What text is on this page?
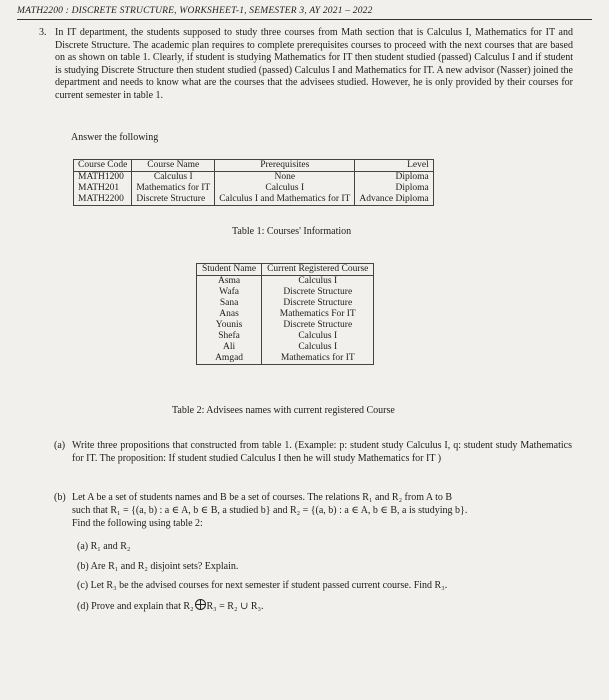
MATH2200 : DISCRETE STRUCTURE, WORKSHEET-1, SEMESTER 3, AY 2021 – 2022
3. In IT department, the students supposed to study three courses from Math section that is Calculus I, Mathematics for IT and Discrete Structure. The academic plan requires to complete prerequisites courses to proceed with the next courses that are based on as shown on table 1. Clearly, if student is studying Mathematics for IT then student studied (passed) Calculus I and if student is studying Discrete Structure then student studied (passed) Calculus I and Mathematics for IT. A new advisor (Nasser) joined the department and needs to know what are the courses that the advisees studied. However, he is only provided by their courses for current semester in table 1.
Answer the following
Course Code	Course Name	Prerequisites	Level
MATH1200	Calculus I	None	Diploma
MATH201	Mathematics for IT	Calculus I	Diploma
MATH2200	Discrete Structure	Calculus I and Mathematics for IT	Advance Diploma
Table 1: Courses' Information
Student Name	Current Registered Course
Asma	Calculus I
Wafa	Discrete Structure
Sana	Discrete Structure
Anas	Mathematics For IT
Younis	Discrete Structure
Shefa	Calculus I
Ali	Calculus I
Amgad	Mathematics for IT
Table 2: Advisees names with current registered Course
(a) Write three propositions that constructed from table 1. (Example: p: student study Calculus I, q: student study Mathematics for IT. The proposition: If student studied Calculus I then he will study Mathematics for IT )
(b) Let A be a set of students names and B be a set of courses. The relations R₁ and R₂ from A to B
such that R₁ = {(a, b) : a ∈ A, b ∈ B, a studied b} and R₂ = {(a, b) : a ∈ A, b ∈ B, a is studying b}.
Find the following using table 2:
(a) R₁ and R₂
(b) Are R₁ and R₂ disjoint sets? Explain.
(c) Let R₃ be the advised courses for next semester if student passed current course. Find R₃.
(d) Prove and explain that R₂ R₃ = R₂ ∪ R₃.
